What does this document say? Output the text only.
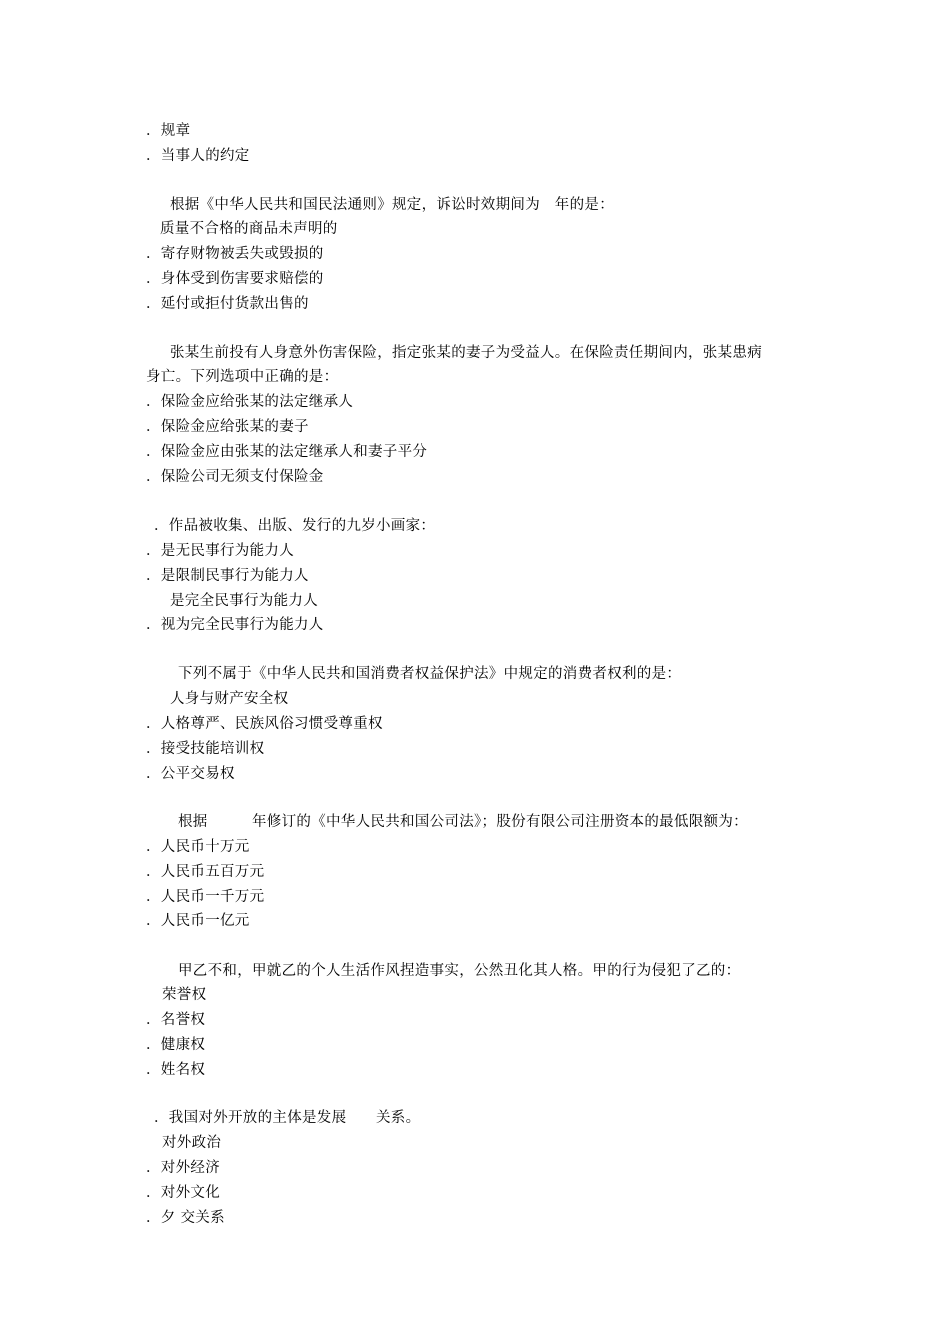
．规章
．当事人的约定
根据《中华人民共和国民法通则》规定，诉讼时效期间为　年的是：
质量不合格的商品未声明的
．寄存财物被丢失或毁损的
．身体受到伤害要求赔偿的
．延付或拒付货款出售的
张某生前投有人身意外伤害保险，指定张某的妻子为受益人。在保险责任期间内，张某患病
身亡。下列选项中正确的是：
．保险金应给张某的法定继承人
．保险金应给张某的妻子
．保险金应由张某的法定继承人和妻子平分
．保险公司无须支付保险金
．作品被收集、出版、发行的九岁小画家：
．是无民事行为能力人
．是限制民事行为能力人
是完全民事行为能力人
．视为完全民事行为能力人
下列不属于《中华人民共和国消费者权益保护法》中规定的消费者权利的是：
人身与财产安全权
．人格尊严、民族风俗习惯受尊重权
．接受技能培训权
．公平交易权
根据　　　年修订的《中华人民共和国公司法》；股份有限公司注册资本的最低限额为：
．人民币十万元
．人民币五百万元
．人民币一千万元
．人民币一亿元
甲乙不和，甲就乙的个人生活作风捏造事实，公然丑化其人格。甲的行为侵犯了乙的：
荣誉权
．名誉权
．健康权
．姓名权
．我国对外开放的主体是发展　　关系。
对外政治
．对外经济
．对外文化
．夕 交关系
